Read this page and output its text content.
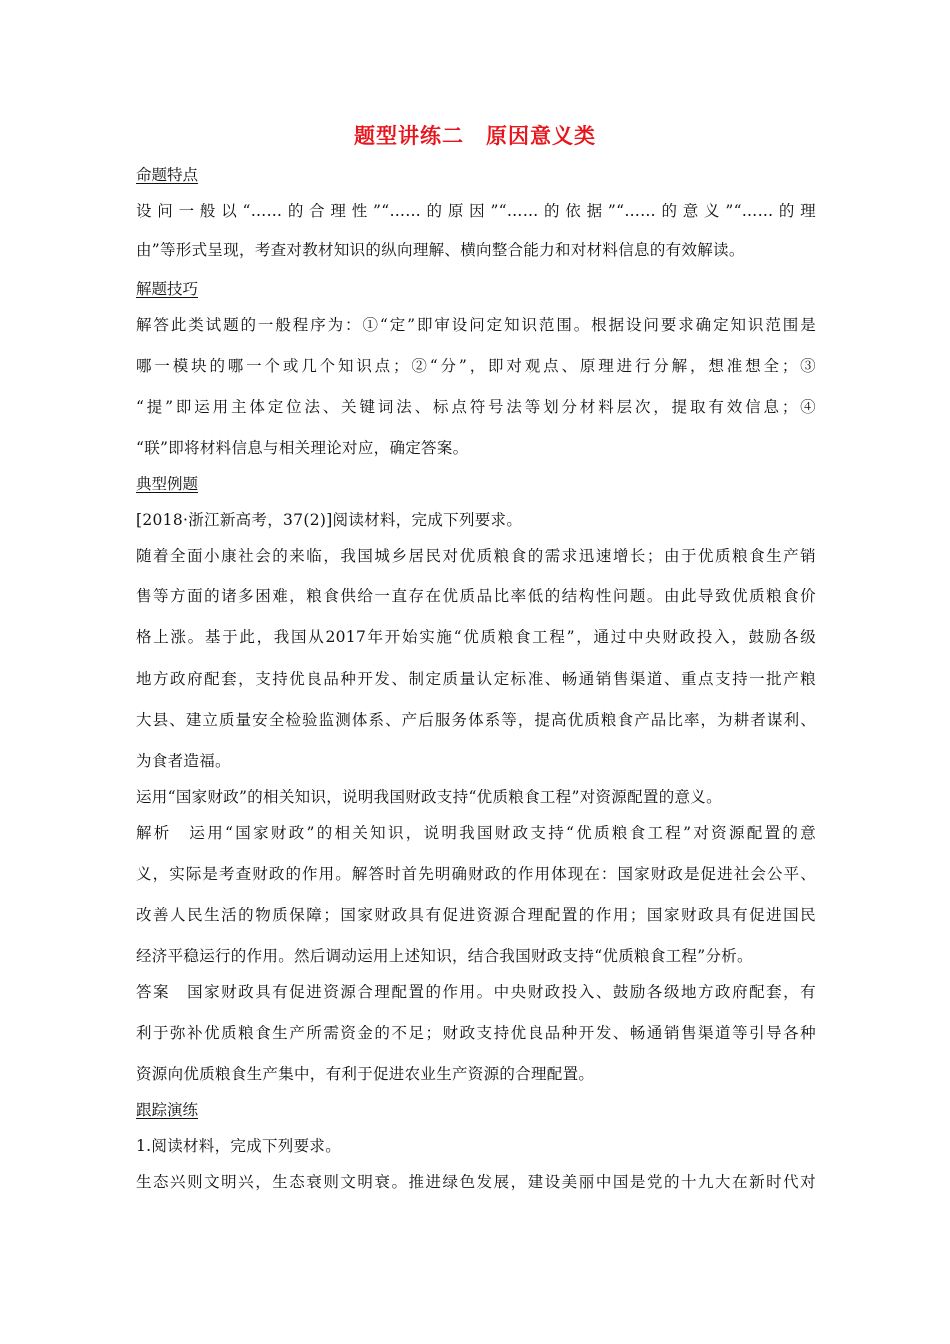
题型讲练二 原因意义类
命题特点
设问一般以“……的合理性”“……的原因”“……的依据”“……的意义”“……的理
由”等形式呈现，考查对教材知识的纵向理解、横向整合能力和对材料信息的有效解读。
解题技巧
解答此类试题的一般程序为：①“定”即审设问定知识范围。根据设问要求确定知识范围是
哪一模块的哪一个或几个知识点；②“分”，即对观点、原理进行分解，想准想全；③
“提”即运用主体定位法、关键词法、标点符号法等划分材料层次，提取有效信息；④
“联”即将材料信息与相关理论对应，确定答案。
典型例题
[2018·浙江新高考，37(2)]阅读材料，完成下列要求。
随着全面小康社会的来临，我国城乡居民对优质粮食的需求迅速增长；由于优质粮食生产销
售等方面的诸多困难，粮食供给一直存在优质品比率低的结构性问题。由此导致优质粮食价
格上涨。基于此，我国从2017年开始实施“优质粮食工程”，通过中央财政投入，鼓励各级
地方政府配套，支持优良品种开发、制定质量认定标准、畅通销售渠道、重点支持一批产粮
大县、建立质量安全检验监测体系、产后服务体系等，提高优质粮食产品比率，为耕者谋利、
为食者造福。
运用“国家财政”的相关知识，说明我国财政支持“优质粮食工程”对资源配置的意义。
解析　运用“国家财政”的相关知识，说明我国财政支持“优质粮食工程”对资源配置的意
义，实际是考查财政的作用。解答时首先明确财政的作用体现在：国家财政是促进社会公平、
改善人民生活的物质保障；国家财政具有促进资源合理配置的作用；国家财政具有促进国民
经济平稳运行的作用。然后调动运用上述知识，结合我国财政支持“优质粮食工程”分析。
答案　国家财政具有促进资源合理配置的作用。中央财政投入、鼓励各级地方政府配套，有
利于弥补优质粮食生产所需资金的不足；财政支持优良品种开发、畅通销售渠道等引导各种
资源向优质粮食生产集中，有利于促进农业生产资源的合理配置。
跟踪演练
1.阅读材料，完成下列要求。
生态兴则文明兴，生态衰则文明衰。推进绿色发展，建设美丽中国是党的十九大在新时代对
